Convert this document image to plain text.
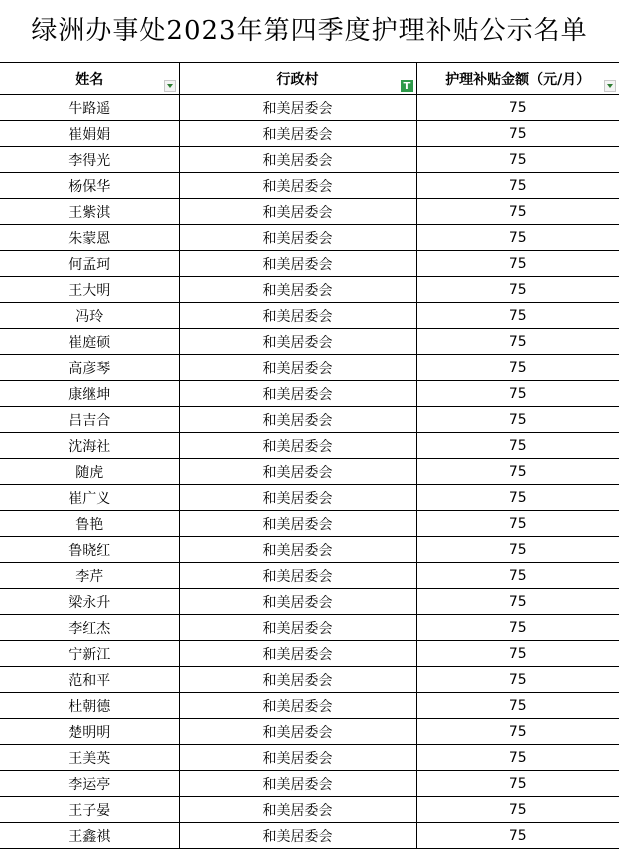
绿洲办事处2023年第四季度护理补贴公示名单
姓名	行政村 T	护理补贴金额（元/月）

牛路遥	和美居委会	75
崔娟娟	和美居委会	75
李得光	和美居委会	75
杨保华	和美居委会	75
王紫淇	和美居委会	75
朱蒙恩	和美居委会	75
何孟珂	和美居委会	75
王大明	和美居委会	75
冯玲	和美居委会	75
崔庭硕	和美居委会	75
高彦琴	和美居委会	75
康继坤	和美居委会	75
吕吉合	和美居委会	75
沈海社	和美居委会	75
随虎	和美居委会	75
崔广义	和美居委会	75
鲁艳	和美居委会	75
鲁晓红	和美居委会	75
李芹	和美居委会	75
梁永升	和美居委会	75
李红杰	和美居委会	75
宁新江	和美居委会	75
范和平	和美居委会	75
杜朝德	和美居委会	75
楚明明	和美居委会	75
王美英	和美居委会	75
李运亭	和美居委会	75
王子晏	和美居委会	75
王鑫祺	和美居委会	75
